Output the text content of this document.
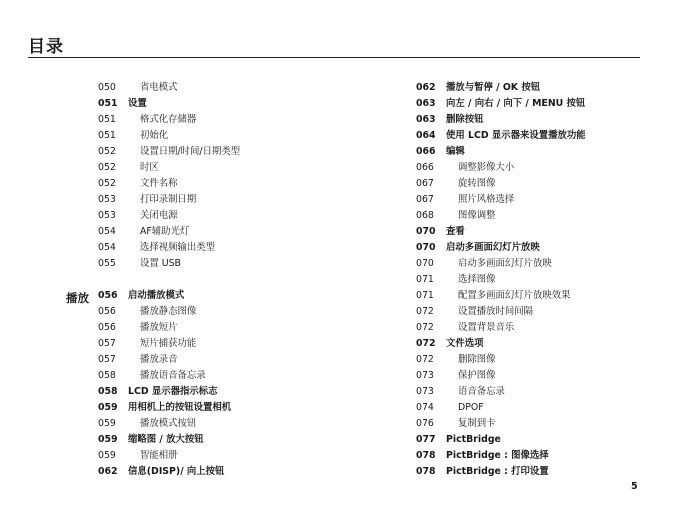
目录
播放
050	省电模式
051	设置
051	格式化存储器
051	初始化
052	设置日期/时间/日期类型
052	时区
052	文件名称
053	打印录制日期
053	关闭电源
054	AF辅助光灯
054	选择视频输出类型
055	设置 USB
056	启动播放模式
056	播放静态图像
056	播放短片
057	短片捕获功能
057	播放录音
058	播放语音备忘录
058	LCD 显示器指示标志
059	用相机上的按钮设置相机
059	播放模式按钮
059	缩略图 / 放大按钮
059	智能相册
062	信息(DISP)/ 向上按钮
062	播放与暂停 / OK 按钮
063	向左 / 向右 / 向下 / MENU 按钮
063	删除按钮
064	使用 LCD 显示器来设置播放功能
066	编辑
066	调整影像大小
067	旋转图像
067	照片风格选择
068	图像调整
070	查看
070	启动多画面幻灯片放映
070	启动多画面幻灯片放映
071	选择图像
071	配置多画面幻灯片放映效果
072	设置播放时间间隔
072	设置背景音乐
072	文件选项
072	删除图像
073	保护图像
073	语音备忘录
074	DPOF
076	复制到卡
077	PictBridge
078	PictBridge : 图像选择
078	PictBridge : 打印设置
5
